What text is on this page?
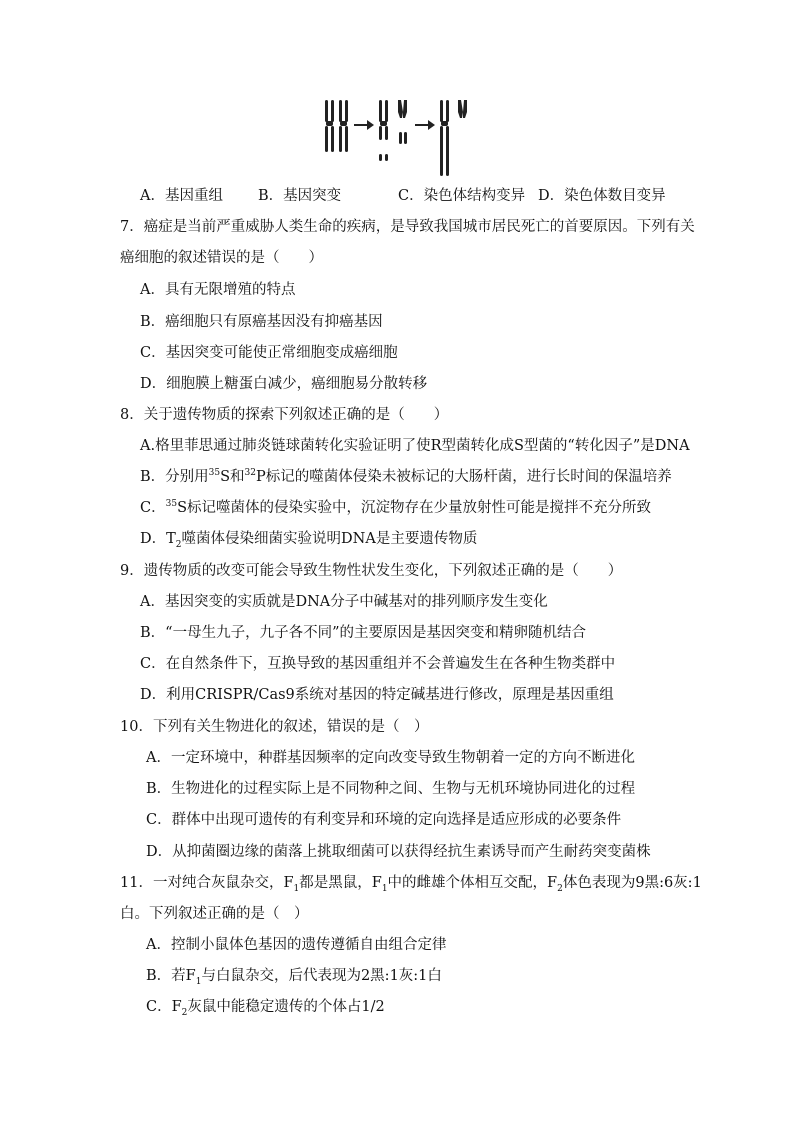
A．基因重组 B．基因突变	C．染色体结构变异 D．染色体数目变异
7．癌症是当前严重威胁人类生命的疾病，是导致我国城市居民死亡的首要原因。下列有关
癌细胞的叙述错误的是（　　）
A．具有无限增殖的特点
B．癌细胞只有原癌基因没有抑癌基因
C．基因突变可能使正常细胞变成癌细胞
D．细胞膜上糖蛋白减少，癌细胞易分散转移
8．关于遗传物质的探索下列叙述正确的是（　　）
A.格里菲思通过肺炎链球菌转化实验证明了使R型菌转化成S型菌的“转化因子”是DNA
B．分别用$^{35}$S和$^{32}$P标记的噬菌体侵染未被标记的大肠杆菌，进行长时间的保温培养
C．$^{35}$S标记噬菌体的侵染实验中，沉淀物存在少量放射性可能是搅拌不充分所致
D．$T_2$噬菌体侵染细菌实验说明DNA是主要遗传物质
9．遗传物质的改变可能会导致生物性状发生变化，下列叙述正确的是（　　）
A．基因突变的实质就是DNA分子中碱基对的排列顺序发生变化
B．“一母生九子，九子各不同”的主要原因是基因突变和精卵随机结合
C．在自然条件下，互换导致的基因重组并不会普遍发生在各种生物类群中
D．利用CRISPR/Cas9系统对基因的特定碱基进行修改，原理是基因重组
10．下列有关生物进化的叙述，错误的是（　）
A．一定环境中，种群基因频率的定向改变导致生物朝着一定的方向不断进化
B．生物进化的过程实际上是不同物种之间、生物与无机环境协同进化的过程
C．群体中出现可遗传的有利变异和环境的定向选择是适应形成的必要条件
D．从抑菌圈边缘的菌落上挑取细菌可以获得经抗生素诱导而产生耐药突变菌株
11．一对纯合灰鼠杂交，$F_1$都是黑鼠，$F_1$中的雌雄个体相互交配，$F_2$体色表现为9黑:6灰:1
白。下列叙述正确的是（　）
A．控制小鼠体色基因的遗传遵循自由组合定律
B．若$F_1$与白鼠杂交，后代表现为2黑:1灰:1白
C．$F_2$灰鼠中能稳定遗传的个体占1/2
